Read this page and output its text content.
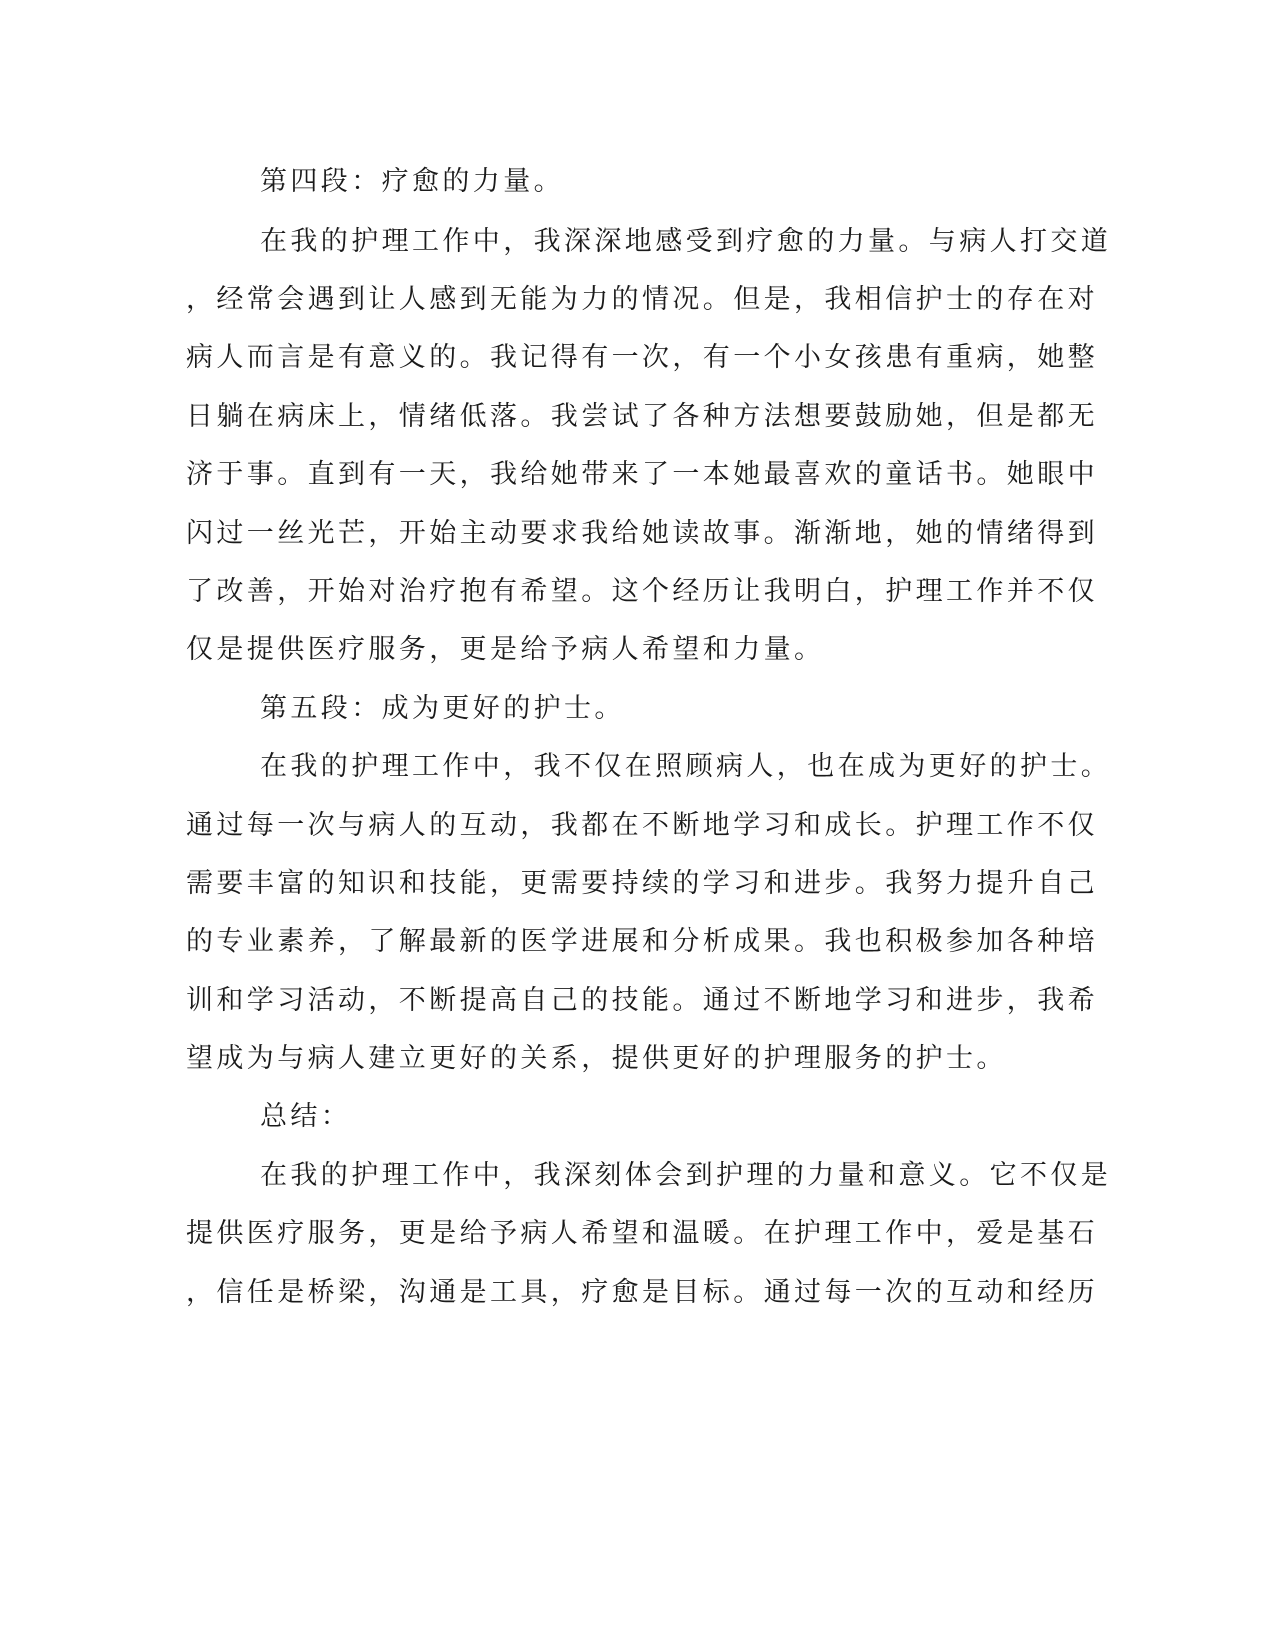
第四段：疗愈的力量。
在我的护理工作中，我深深地感受到疗愈的力量。与病人打交道
，经常会遇到让人感到无能为力的情况。但是，我相信护士的存在对
病人而言是有意义的。我记得有一次，有一个小女孩患有重病，她整
日躺在病床上，情绪低落。我尝试了各种方法想要鼓励她，但是都无
济于事。直到有一天，我给她带来了一本她最喜欢的童话书。她眼中
闪过一丝光芒，开始主动要求我给她读故事。渐渐地，她的情绪得到
了改善，开始对治疗抱有希望。这个经历让我明白，护理工作并不仅
仅是提供医疗服务，更是给予病人希望和力量。
第五段：成为更好的护士。
在我的护理工作中，我不仅在照顾病人，也在成为更好的护士。
通过每一次与病人的互动，我都在不断地学习和成长。护理工作不仅
需要丰富的知识和技能，更需要持续的学习和进步。我努力提升自己
的专业素养，了解最新的医学进展和分析成果。我也积极参加各种培
训和学习活动，不断提高自己的技能。通过不断地学习和进步，我希
望成为与病人建立更好的关系，提供更好的护理服务的护士。
总结：
在我的护理工作中，我深刻体会到护理的力量和意义。它不仅是
提供医疗服务，更是给予病人希望和温暖。在护理工作中，爱是基石
，信任是桥梁，沟通是工具，疗愈是目标。通过每一次的互动和经历
